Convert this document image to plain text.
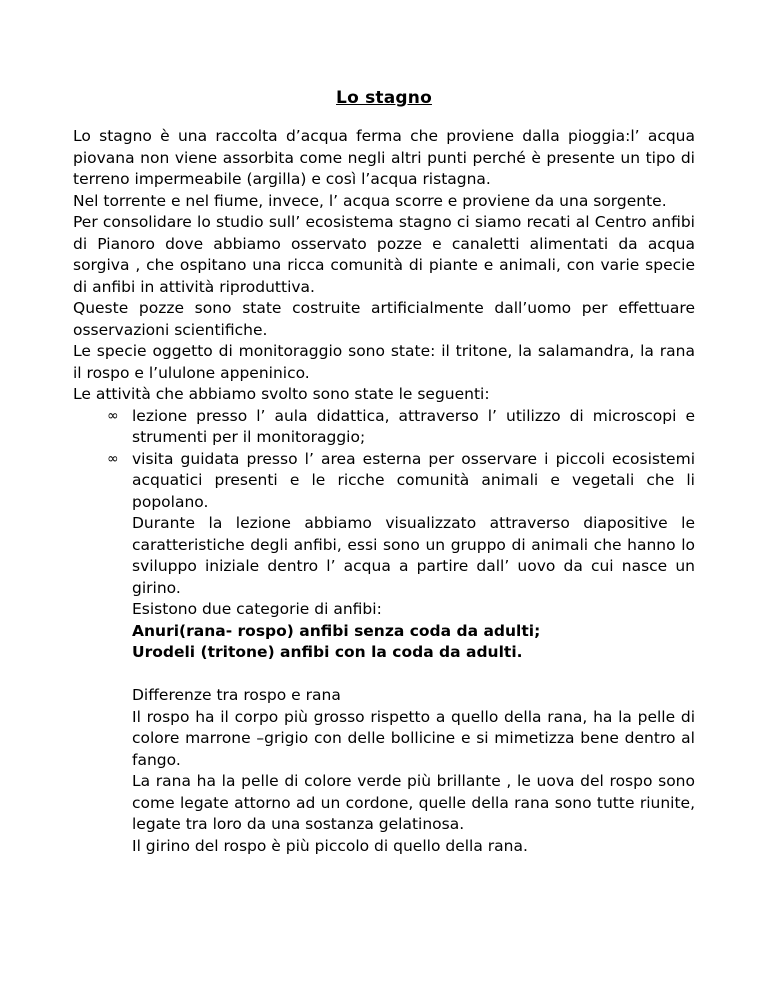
Lo stagno

Lo stagno è una raccolta d’acqua ferma che proviene dalla pioggia:l’ acqua piovana non viene assorbita come negli altri punti perché è presente un tipo di terreno impermeabile (argilla) e così l’acqua ristagna.

Nel torrente e nel fiume, invece, l’ acqua scorre e proviene da una sorgente.

Per consolidare lo studio sull’ ecosistema stagno ci siamo recati al Centro anfibi di Pianoro dove abbiamo osservato pozze e canaletti alimentati da acqua sorgiva , che ospitano una ricca comunità di piante e animali, con varie specie di anfibi in attività riproduttiva.

Queste pozze sono state costruite artificialmente dall’uomo per effettuare osservazioni scientifiche.

Le specie oggetto di monitoraggio sono state: il tritone, la salamandra, la rana il rospo e l’ululone appeninico.

Le attività che abbiamo svolto sono state le seguenti:

∞ lezione presso l’ aula didattica, attraverso l’ utilizzo di microscopi e strumenti per il monitoraggio;
∞ visita guidata presso l’ area esterna per osservare i piccoli ecosistemi acquatici presenti e le ricche comunità animali e vegetali che li popolano.

Durante la lezione abbiamo visualizzato attraverso diapositive le caratteristiche degli anfibi, essi sono un gruppo di animali che hanno lo sviluppo iniziale dentro l’ acqua a partire dall’ uovo da cui nasce un girino.

Esistono due categorie di anfibi:

Anuri(rana- rospo) anfibi senza coda da adulti;

Urodeli (tritone) anfibi con la coda da adulti.

Differenze tra rospo e rana

Il rospo ha il corpo più grosso rispetto a quello della rana, ha la pelle di colore marrone –grigio con delle bollicine e si mimetizza bene dentro al fango.

La rana ha la pelle di colore verde più brillante , le uova del rospo sono come legate attorno ad un cordone, quelle della rana sono tutte riunite, legate tra loro da una sostanza gelatinosa.

Il girino del rospo è più piccolo di quello della rana.
